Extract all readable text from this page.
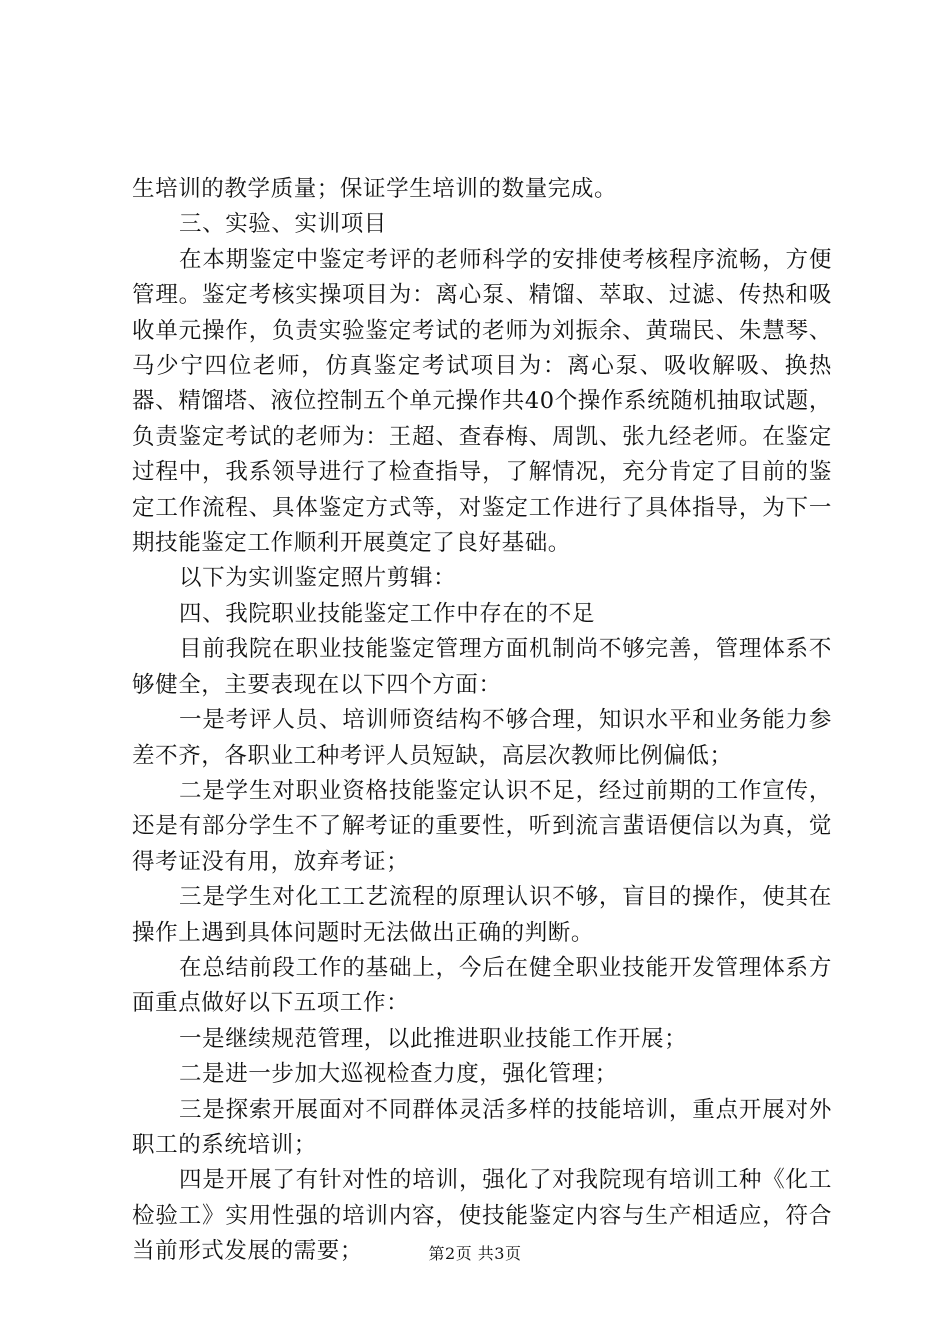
生培训的教学质量；保证学生培训的数量完成。

三、实验、实训项目

在本期鉴定中鉴定考评的老师科学的安排使考核程序流畅，方便管理。鉴定考核实操项目为：离心泵、精馏、萃取、过滤、传热和吸收单元操作，负责实验鉴定考试的老师为刘振余、黄瑞民、朱慧琴、马少宁四位老师，仿真鉴定考试项目为：离心泵、吸收解吸、换热器、精馏塔、液位控制五个单元操作共40个操作系统随机抽取试题，负责鉴定考试的老师为：王超、查春梅、周凯、张九经老师。在鉴定过程中，我系领导进行了检查指导，了解情况，充分肯定了目前的鉴定工作流程、具体鉴定方式等，对鉴定工作进行了具体指导，为下一期技能鉴定工作顺利开展奠定了良好基础。

以下为实训鉴定照片剪辑：

四、我院职业技能鉴定工作中存在的不足

目前我院在职业技能鉴定管理方面机制尚不够完善，管理体系不够健全，主要表现在以下四个方面：

一是考评人员、培训师资结构不够合理，知识水平和业务能力参差不齐，各职业工种考评人员短缺，高层次教师比例偏低；

二是学生对职业资格技能鉴定认识不足，经过前期的工作宣传，还是有部分学生不了解考证的重要性，听到流言蜚语便信以为真，觉得考证没有用，放弃考证；

三是学生对化工工艺流程的原理认识不够，盲目的操作，使其在操作上遇到具体问题时无法做出正确的判断。

在总结前段工作的基础上，今后在健全职业技能开发管理体系方面重点做好以下五项工作：

一是继续规范管理，以此推进职业技能工作开展；

二是进一步加大巡视检查力度，强化管理；

三是探索开展面对不同群体灵活多样的技能培训，重点开展对外职工的系统培训；

四是开展了有针对性的培训，强化了对我院现有培训工种《化工检验工》实用性强的培训内容，使技能鉴定内容与生产相适应，符合当前形式发展的需要；	第2页 共3页
